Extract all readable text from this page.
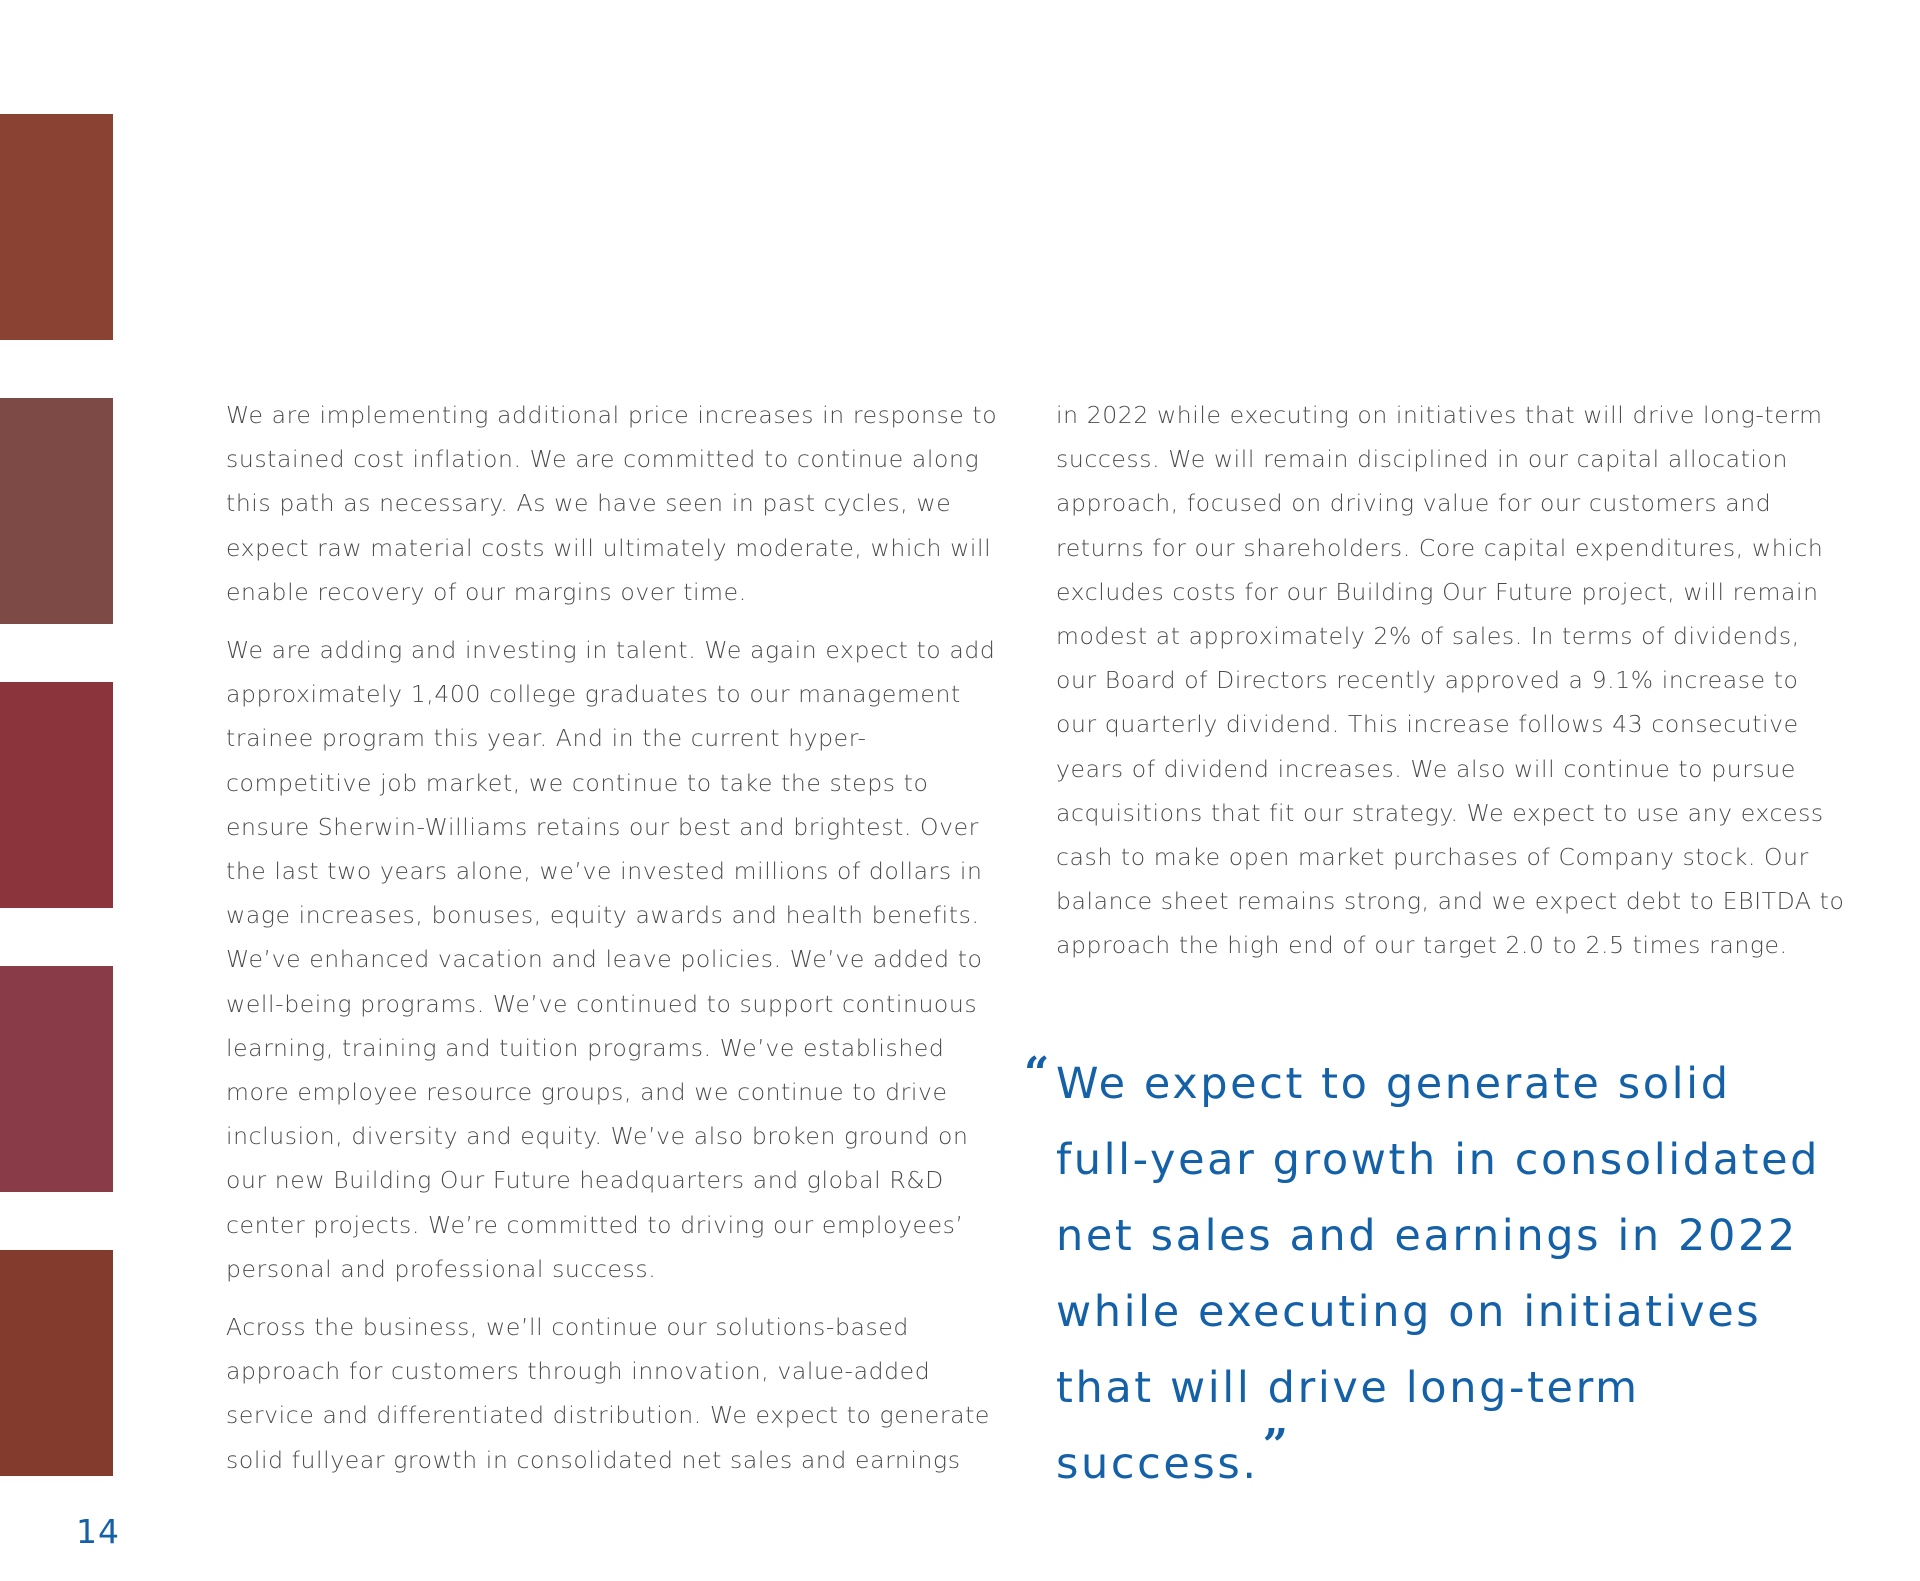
We are implementing additional price increases in response to sustained cost inflation. We are committed to continue along this path as necessary. As we have seen in past cycles, we expect raw material costs will ultimately moderate, which will enable recovery of our margins over time.

We are adding and investing in talent. We again expect to add approximately 1,400 college graduates to our management trainee program this year. And in the current hyper-competitive job market, we continue to take the steps to ensure Sherwin-Williams retains our best and brightest. Over the last two years alone, we’ve invested millions of dollars in wage increases, bonuses, equity awards and health benefits. We’ve enhanced vacation and leave policies. We’ve added to well-being programs. We’ve continued to support continuous learning, training and tuition programs. We’ve established more employee resource groups, and we continue to drive inclusion, diversity and equity. We’ve also broken ground on our new Building Our Future headquarters and global R&D center projects. We’re committed to driving our employees’ personal and professional success.

Across the business, we’ll continue our solutions-based approach for customers through innovation, value-added service and differentiated distribution. We expect to generate solid fullyear growth in consolidated net sales and earnings

in 2022 while executing on initiatives that will drive long-term success. We will remain disciplined in our capital allocation approach, focused on driving value for our customers and returns for our shareholders. Core capital expenditures, which excludes costs for our Building Our Future project, will remain modest at approximately 2% of sales. In terms of dividends, our Board of Directors recently approved a 9.1% increase to our quarterly dividend. This increase follows 43 consecutive years of dividend increases. We also will continue to pursue acquisitions that fit our strategy. We expect to use any excess cash to make open market purchases of Company stock. Our balance sheet remains strong, and we expect debt to EBITDA to approach the high end of our target 2.0 to 2.5 times range.

“ We expect to generate solid full-year growth in consolidated net sales and earnings in 2022 while executing on initiatives that will drive long-term success.”
14
